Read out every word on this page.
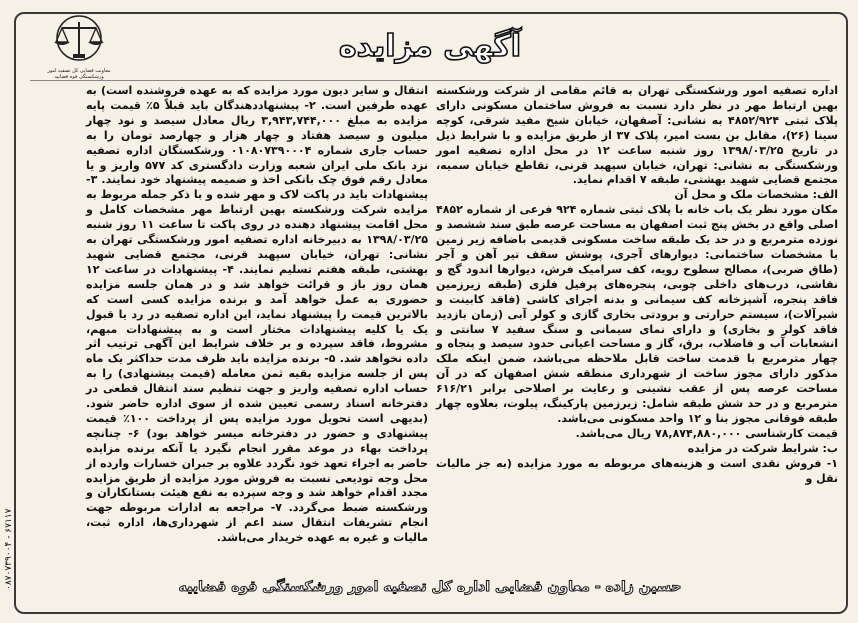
معاونت قضایی کل تصفیه امور ورشکستگی قوه قضاییه
آگهی مزایده

اداره تصفیه امور ورشکستگی تهران به قائم مقامی از شرکت ورشکسته بهین ارتباط مهر در نظر دارد نسبت به فروش ساختمان مسکونی دارای پلاک ثبتی ۴۸۵۲/۹۲۴ به نشانی: آصفهان، خیابان شیخ مفید شرقی، کوچه سینا (۲۶)، مقابل بن بست امیر، پلاک ۳۷ از طریق مزایده و با شرایط ذیل در تاریخ ۱۳۹۸/۰۳/۲۵ روز شنبه ساعت ۱۲ در محل اداره تصفیه امور ورشکستگی به نشانی: تهران، خیابان سپهبد قرنی، تقاطع خیابان سمیه، مجتمع قضایی شهید بهشتی، طبقه ۷ اقدام نماید.

الف: مشخصات ملک و محل آن

مکان مورد نظر یک باب خانه با پلاک ثبتی شماره ۹۲۴ فرعی از شماره ۴۸۵۲ اصلی واقع در بخش پنج ثبت اصفهان به مساحت عرصه طبق سند ششصد و نوزده مترمربع و در حد یک طبقه ساخت مسکونی قدیمی باضافه زیر زمین با مشخصات ساختمانی: دیوارهای آجری، پوشش سقف تیر آهن و آجر (طاق ضربی)، مصالح سطوح رویه، کف سرامیک فرش، دیوارها اندود گچ و نقاشی، درب‌های داخلی چوبی، پنجره‌های پرفیل فلزی (طبقه زیرزمین فاقد پنجره، آشپزخانه کف سیمانی و بدنه اجرای کاشی (فاقد کابینت و شیرآلات)، سیستم حرارتی و برودتی بخاری گازی و کولر آبی (زمان بازدید فاقد کولر و بخاری) و دارای نمای سیمانی و سنگ سفید ۷ سانتی و انشعابات آب و فاضلاب، برق، گاز و مساحت اعیانی حدود سیصد و پنجاه و چهار مترمربع با قدمت ساخت قابل ملاحظه می‌باشد، ضمن اینکه ملک مذکور دارای مجوز ساخت از شهرداری منطقه شش اصفهان که در آن مساحت عرصه پس از عقب نشینی و رعایت بر اصلاحی برابر ۶۱۶/۲۱ مترمربع و در حد شش طبقه شامل: زیرزمین پارکینگ، پیلوت، بعلاوه چهار طبقه فوقانی مجوز بنا و ۱۲ واحد مسکونی می‌باشد.

قیمت کارشناسی ۷۸,۸۷۴,۸۸۰,۰۰۰ ریال می‌باشد.

ب: شرایط شرکت در مزایده

۱- فروش نقدی است و هزینه‌های مربوطه به مورد مزایده (به جز مالیات نقل و

انتقال و سایر دیون مورد مزایده که به عهده فروشنده است) به عهده طرفین است. ۲- پیشنهاددهندگان باید قبلاً ۵٪ قیمت پایه مزایده به مبلغ ۳,۹۴۳,۷۴۴,۰۰۰ ریال معادل سیصد و نود چهار میلیون و سیصد هفتاد و چهار هزار و چهارصد تومان را به حساب جاری شماره ۰۱۰۸۰۷۳۹۰۰۰۴ ورشکستگان اداره تصفیه نزد بانک ملی ایران شعبه وزارت دادگستری کد ۵۷۷ واریز و یا معادل رقم فوق چک بانکی اخذ و ضمیمه پیشنهاد خود نمایند. ۳- پیشنهادات باید در پاکت لاک و مهر شده و با ذکر جمله مربوط به مزایده شرکت ورشکسته بهین ارتباط مهر مشخصات کامل و محل اقامت پیشنهاد دهنده در روی پاکت تا ساعت ۱۱ روز شنبه ۱۳۹۸/۰۳/۲۵ به دبیرخانه اداره تصفیه امور ورشکستگی تهران به نشانی: تهران، خیابان سپهبد قرنی، مجتمع قضایی شهید بهشتی، طبقه هفتم تسلیم نمایند. ۴- پیشنهادات در ساعت ۱۲ همان روز باز و قرائت خواهد شد و در همان جلسه مزایده حضوری به عمل خواهد آمد و برنده مزایده کسی است که بالاترین قیمت را پیشنهاد نماید، این اداره تصفیه در رد یا قبول یک یا کلیه پیشنهادات مختار است و به پیشنهادات مبهم، مشروط، فاقد سپرده و بر خلاف شرایط این آگهی ترتیب اثر داده نخواهد شد. ۵- برنده مزایده باید ظرف مدت حداکثر یک ماه پس از جلسه مزایده بقیه ثمن معامله (قیمت پیشنهادی) را به حساب اداره تصفیه واریز و جهت تنظیم سند انتقال قطعی در دفترخانه اسناد رسمی تعیین شده از سوی اداره حاضر شود. (بدیهی است تحویل مورد مزایده پس از پرداخت ۱۰۰٪ قیمت پیشنهادی و حضور در دفترخانه میسر خواهد بود) ۶- چنانچه پرداخت بهاء در موعد مقرر انجام نگیرد یا آنکه برنده مزایده حاضر به اجراء تعهد خود نگردد علاوه بر جبران خسارات وارده از محل وجه تودیعی نسبت به فروش مورد مزایده از طریق مزایده مجدد اقدام خواهد شد و وجه سپرده به نفع هیئت بستانکاران و ورشکسته ضبط می‌گردد. ۷- مراجعه به ادارات مربوطه جهت انجام تشریفات انتقال سند اعم از شهرداری‌ها، اداره ثبت، مالیات و غیره به عهده خریدار می‌باشد.

۰۸۷۰۷۳۹۰۰۴ - ۶۷۱۱۷	حسین زاده - معاون قضایی اداره کل تصفیه امور ورشکستگی قوه قضاییه
